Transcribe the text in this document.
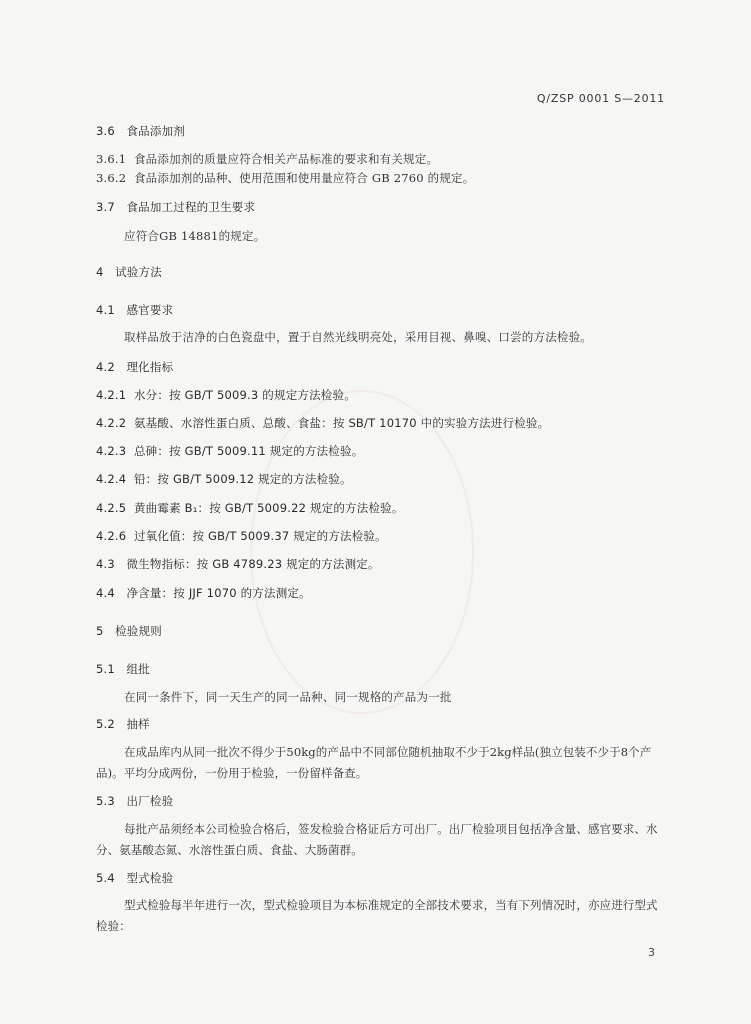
Q/ZSP 0001 S—2011
3.6 食品添加剂
3.6.1 食品添加剂的质量应符合相关产品标准的要求和有关规定。
3.6.2 食品添加剂的品种、使用范围和使用量应符合 GB 2760 的规定。
3.7 食品加工过程的卫生要求
应符合GB 14881的规定。
4 试验方法
4.1 感官要求
取样品放于洁净的白色瓷盘中，置于自然光线明亮处，采用目视、鼻嗅、口尝的方法检验。
4.2 理化指标
4.2.1 水分：按 GB/T 5009.3 的规定方法检验。
4.2.2 氨基酸、水溶性蛋白质、总酸、食盐：按 SB/T 10170 中的实验方法进行检验。
4.2.3 总砷：按 GB/T 5009.11 规定的方法检验。
4.2.4 铅：按 GB/T 5009.12 规定的方法检验。
4.2.5 黄曲霉素 B₁：按 GB/T 5009.22 规定的方法检验。
4.2.6 过氧化值：按 GB/T 5009.37 规定的方法检验。
4.3 微生物指标：按 GB 4789.23 规定的方法测定。
4.4 净含量：按 JJF 1070 的方法测定。
5 检验规则
5.1 组批
在同一条件下，同一天生产的同一品种、同一规格的产品为一批
5.2 抽样
在成品库内从同一批次不得少于50kg的产品中不同部位随机抽取不少于2kg样品(独立包装不少于8个产品)。平均分成两份，一份用于检验，一份留样备查。
5.3 出厂检验
每批产品须经本公司检验合格后，签发检验合格证后方可出厂。出厂检验项目包括净含量、感官要求、水分、氨基酸态氮、水溶性蛋白质、食盐、大肠菌群。
5.4 型式检验
型式检验每半年进行一次，型式检验项目为本标准规定的全部技术要求，当有下列情况时，亦应进行型式检验：
3
